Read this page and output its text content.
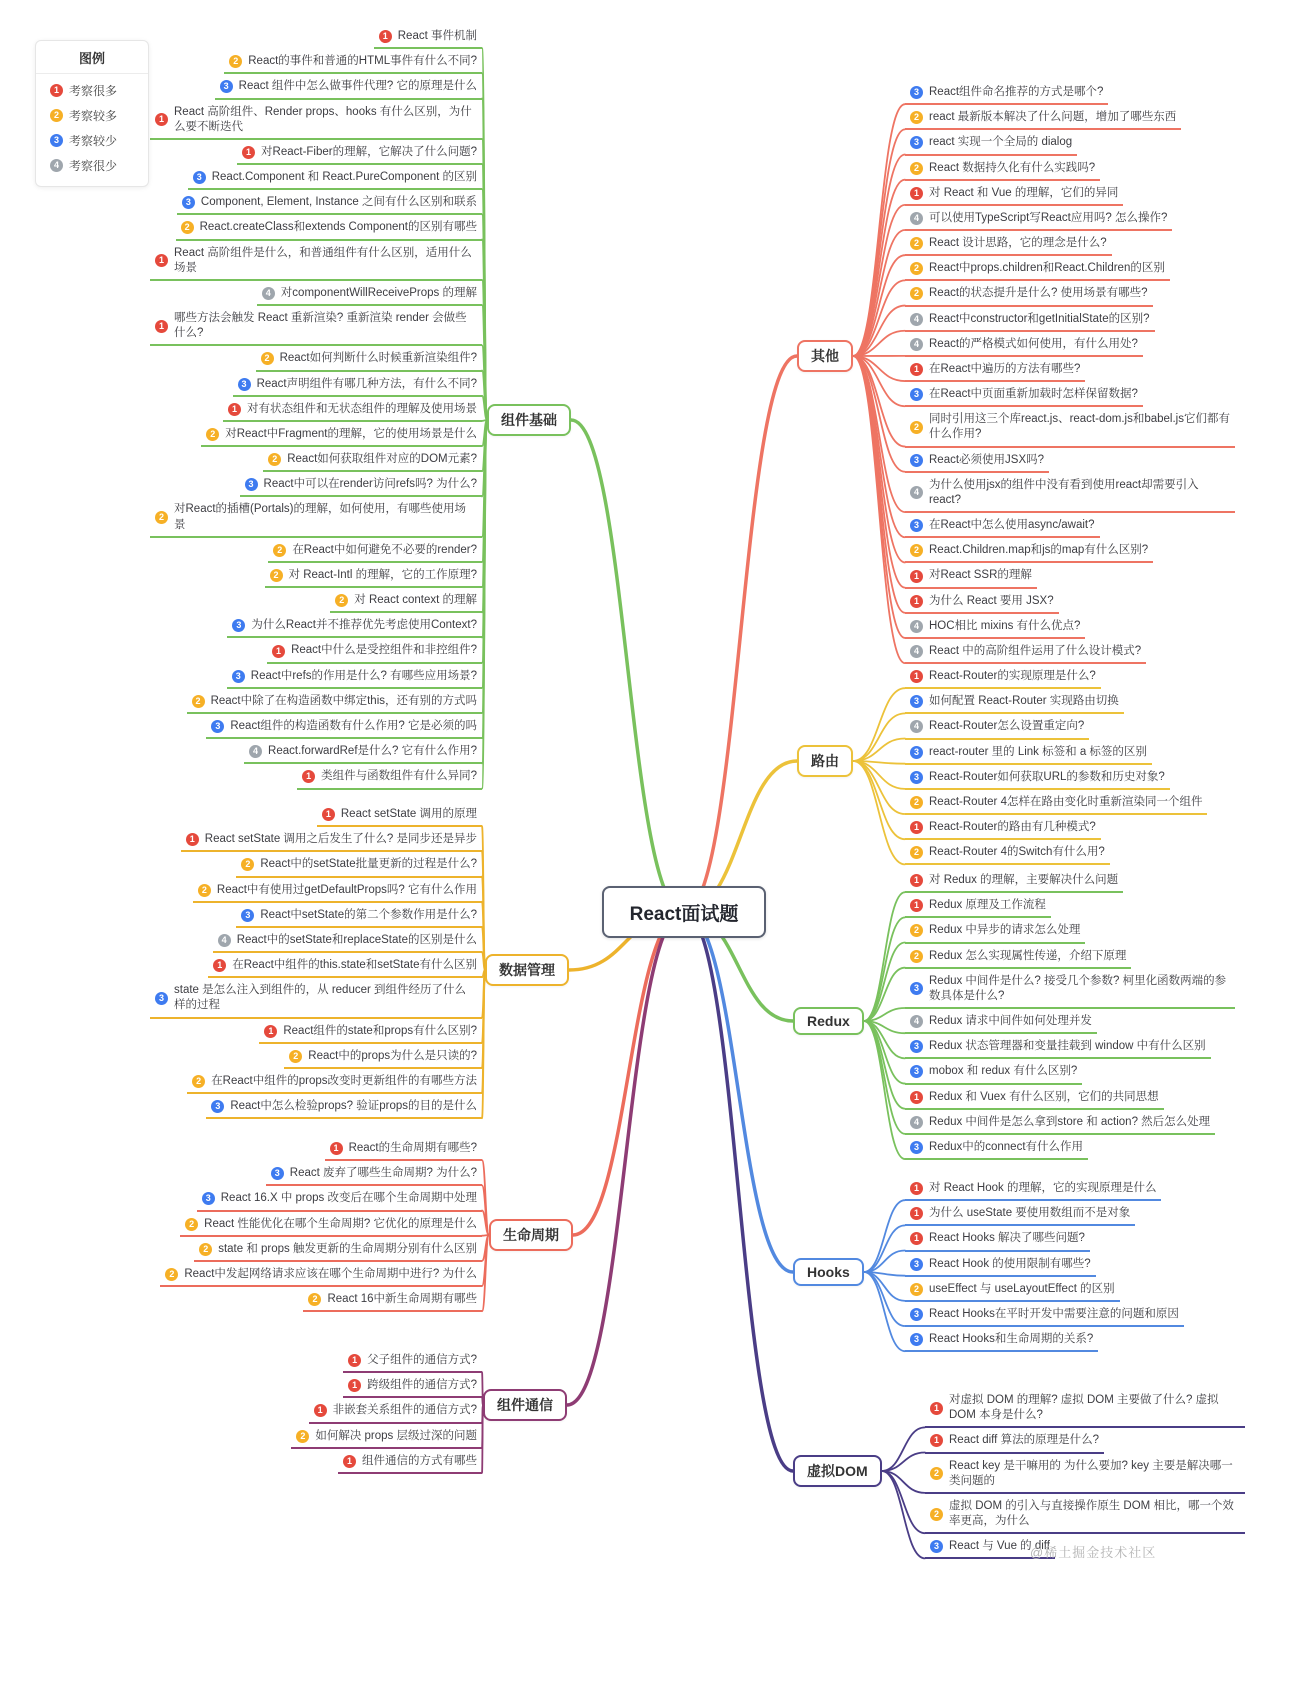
图例
1 考察很多
2 考察较多
3 考察较少
4 考察很少
React面试题
1 React 事件机制
2 React的事件和普通的HTML事件有什么不同?
3 React 组件中怎么做事件代理? 它的原理是什么
1
React 高阶组件、Render props、hooks 有什么区别，为什么要不断迭代
1 对React-Fiber的理解，它解决了什么问题?
3 React.Component 和 React.PureComponent 的区别
3 Component, Element, Instance 之间有什么区别和联系
2 React.createClass和extends Component的区别有哪些
1
React 高阶组件是什么，和普通组件有什么区别，适用什么场景
4 对componentWillReceiveProps 的理解
1
哪些方法会触发 React 重新渲染? 重新渲染 render 会做些什么?
2 React如何判断什么时候重新渲染组件?
3 React声明组件有哪几种方法，有什么不同?
1 对有状态组件和无状态组件的理解及使用场景
2 对React中Fragment的理解，它的使用场景是什么
2 React如何获取组件对应的DOM元素?
3 React中可以在render访问refs吗? 为什么?
2
对React的插槽(Portals)的理解，如何使用，有哪些使用场景
2 在React中如何避免不必要的render?
2 对 React-Intl 的理解，它的工作原理?
2 对 React context 的理解
3 为什么React并不推荐优先考虑使用Context?
1 React中什么是受控组件和非控组件?
3 React中refs的作用是什么? 有哪些应用场景?
2 React中除了在构造函数中绑定this，还有别的方式吗
3 React组件的构造函数有什么作用? 它是必须的吗
4 React.forwardRef是什么? 它有什么作用?
1 类组件与函数组件有什么异同?
组件基础
1 React setState 调用的原理
1 React setState 调用之后发生了什么? 是同步还是异步
2 React中的setState批量更新的过程是什么?
2 React中有使用过getDefaultProps吗? 它有什么作用
3 React中setState的第二个参数作用是什么?
4 React中的setState和replaceState的区别是什么
1 在React中组件的this.state和setState有什么区别
3
state 是怎么注入到组件的，从 reducer 到组件经历了什么样的过程
1 React组件的state和props有什么区别?
2 React中的props为什么是只读的?
2 在React中组件的props改变时更新组件的有哪些方法
3 React中怎么检验props? 验证props的目的是什么
数据管理
1 React的生命周期有哪些?
3 React 废弃了哪些生命周期? 为什么?
3 React 16.X 中 props 改变后在哪个生命周期中处理
2 React 性能优化在哪个生命周期? 它优化的原理是什么
2 state 和 props 触发更新的生命周期分别有什么区别
2 React中发起网络请求应该在哪个生命周期中进行? 为什么
2 React 16中新生命周期有哪些
生命周期
1 父子组件的通信方式?
1 跨级组件的通信方式?
1 非嵌套关系组件的通信方式?
2 如何解决 props 层级过深的问题
1 组件通信的方式有哪些
组件通信
3 React组件命名推荐的方式是哪个?
2 react 最新版本解决了什么问题，增加了哪些东西
3 react 实现一个全局的 dialog
2 React 数据持久化有什么实践吗?
1 对 React 和 Vue 的理解，它们的异同
4 可以使用TypeScript写React应用吗? 怎么操作?
2 React 设计思路，它的理念是什么?
2 React中props.children和React.Children的区别
2 React的状态提升是什么? 使用场景有哪些?
4 React中constructor和getInitialState的区别?
4 React的严格模式如何使用，有什么用处?
1 在React中遍历的方法有哪些?
3 在React中页面重新加载时怎样保留数据?
2
同时引用这三个库react.js、react-dom.js和babel.js它们都有什么作用?
3 React必须使用JSX吗?
4
为什么使用jsx的组件中没有看到使用react却需要引入react?
3 在React中怎么使用async/await?
2 React.Children.map和js的map有什么区别?
1 对React SSR的理解
1 为什么 React 要用 JSX?
4 HOC相比 mixins 有什么优点?
4 React 中的高阶组件运用了什么设计模式?
其他
1 React-Router的实现原理是什么?
3 如何配置 React-Router 实现路由切换
4 React-Router怎么设置重定向?
3 react-router 里的 Link 标签和 a 标签的区别
3 React-Router如何获取URL的参数和历史对象?
2 React-Router 4怎样在路由变化时重新渲染同一个组件
1 React-Router的路由有几种模式?
2 React-Router 4的Switch有什么用?
路由
1 对 Redux 的理解，主要解决什么问题
1 Redux 原理及工作流程
2 Redux 中异步的请求怎么处理
2 Redux 怎么实现属性传递，介绍下原理
3
Redux 中间件是什么? 接受几个参数? 柯里化函数两端的参数具体是什么?
4 Redux 请求中间件如何处理并发
3 Redux 状态管理器和变量挂载到 window 中有什么区别
3 mobox 和 redux 有什么区别?
1 Redux 和 Vuex 有什么区别，它们的共同思想
4 Redux 中间件是怎么拿到store 和 action? 然后怎么处理
3 Redux中的connect有什么作用
Redux
1 对 React Hook 的理解，它的实现原理是什么
1 为什么 useState 要使用数组而不是对象
1 React Hooks 解决了哪些问题?
3 React Hook 的使用限制有哪些?
2 useEffect 与 useLayoutEffect 的区别
3 React Hooks在平时开发中需要注意的问题和原因
3 React Hooks和生命周期的关系?
Hooks
1
对虚拟 DOM 的理解? 虚拟 DOM 主要做了什么? 虚拟 DOM 本身是什么?
1 React diff 算法的原理是什么?
2
React key 是干嘛用的 为什么要加? key 主要是解决哪一类问题的
2
虚拟 DOM 的引入与直接操作原生 DOM 相比，哪一个效率更高，为什么
3 React 与 Vue 的 diff
虚拟DOM
@稀土掘金技术社区
